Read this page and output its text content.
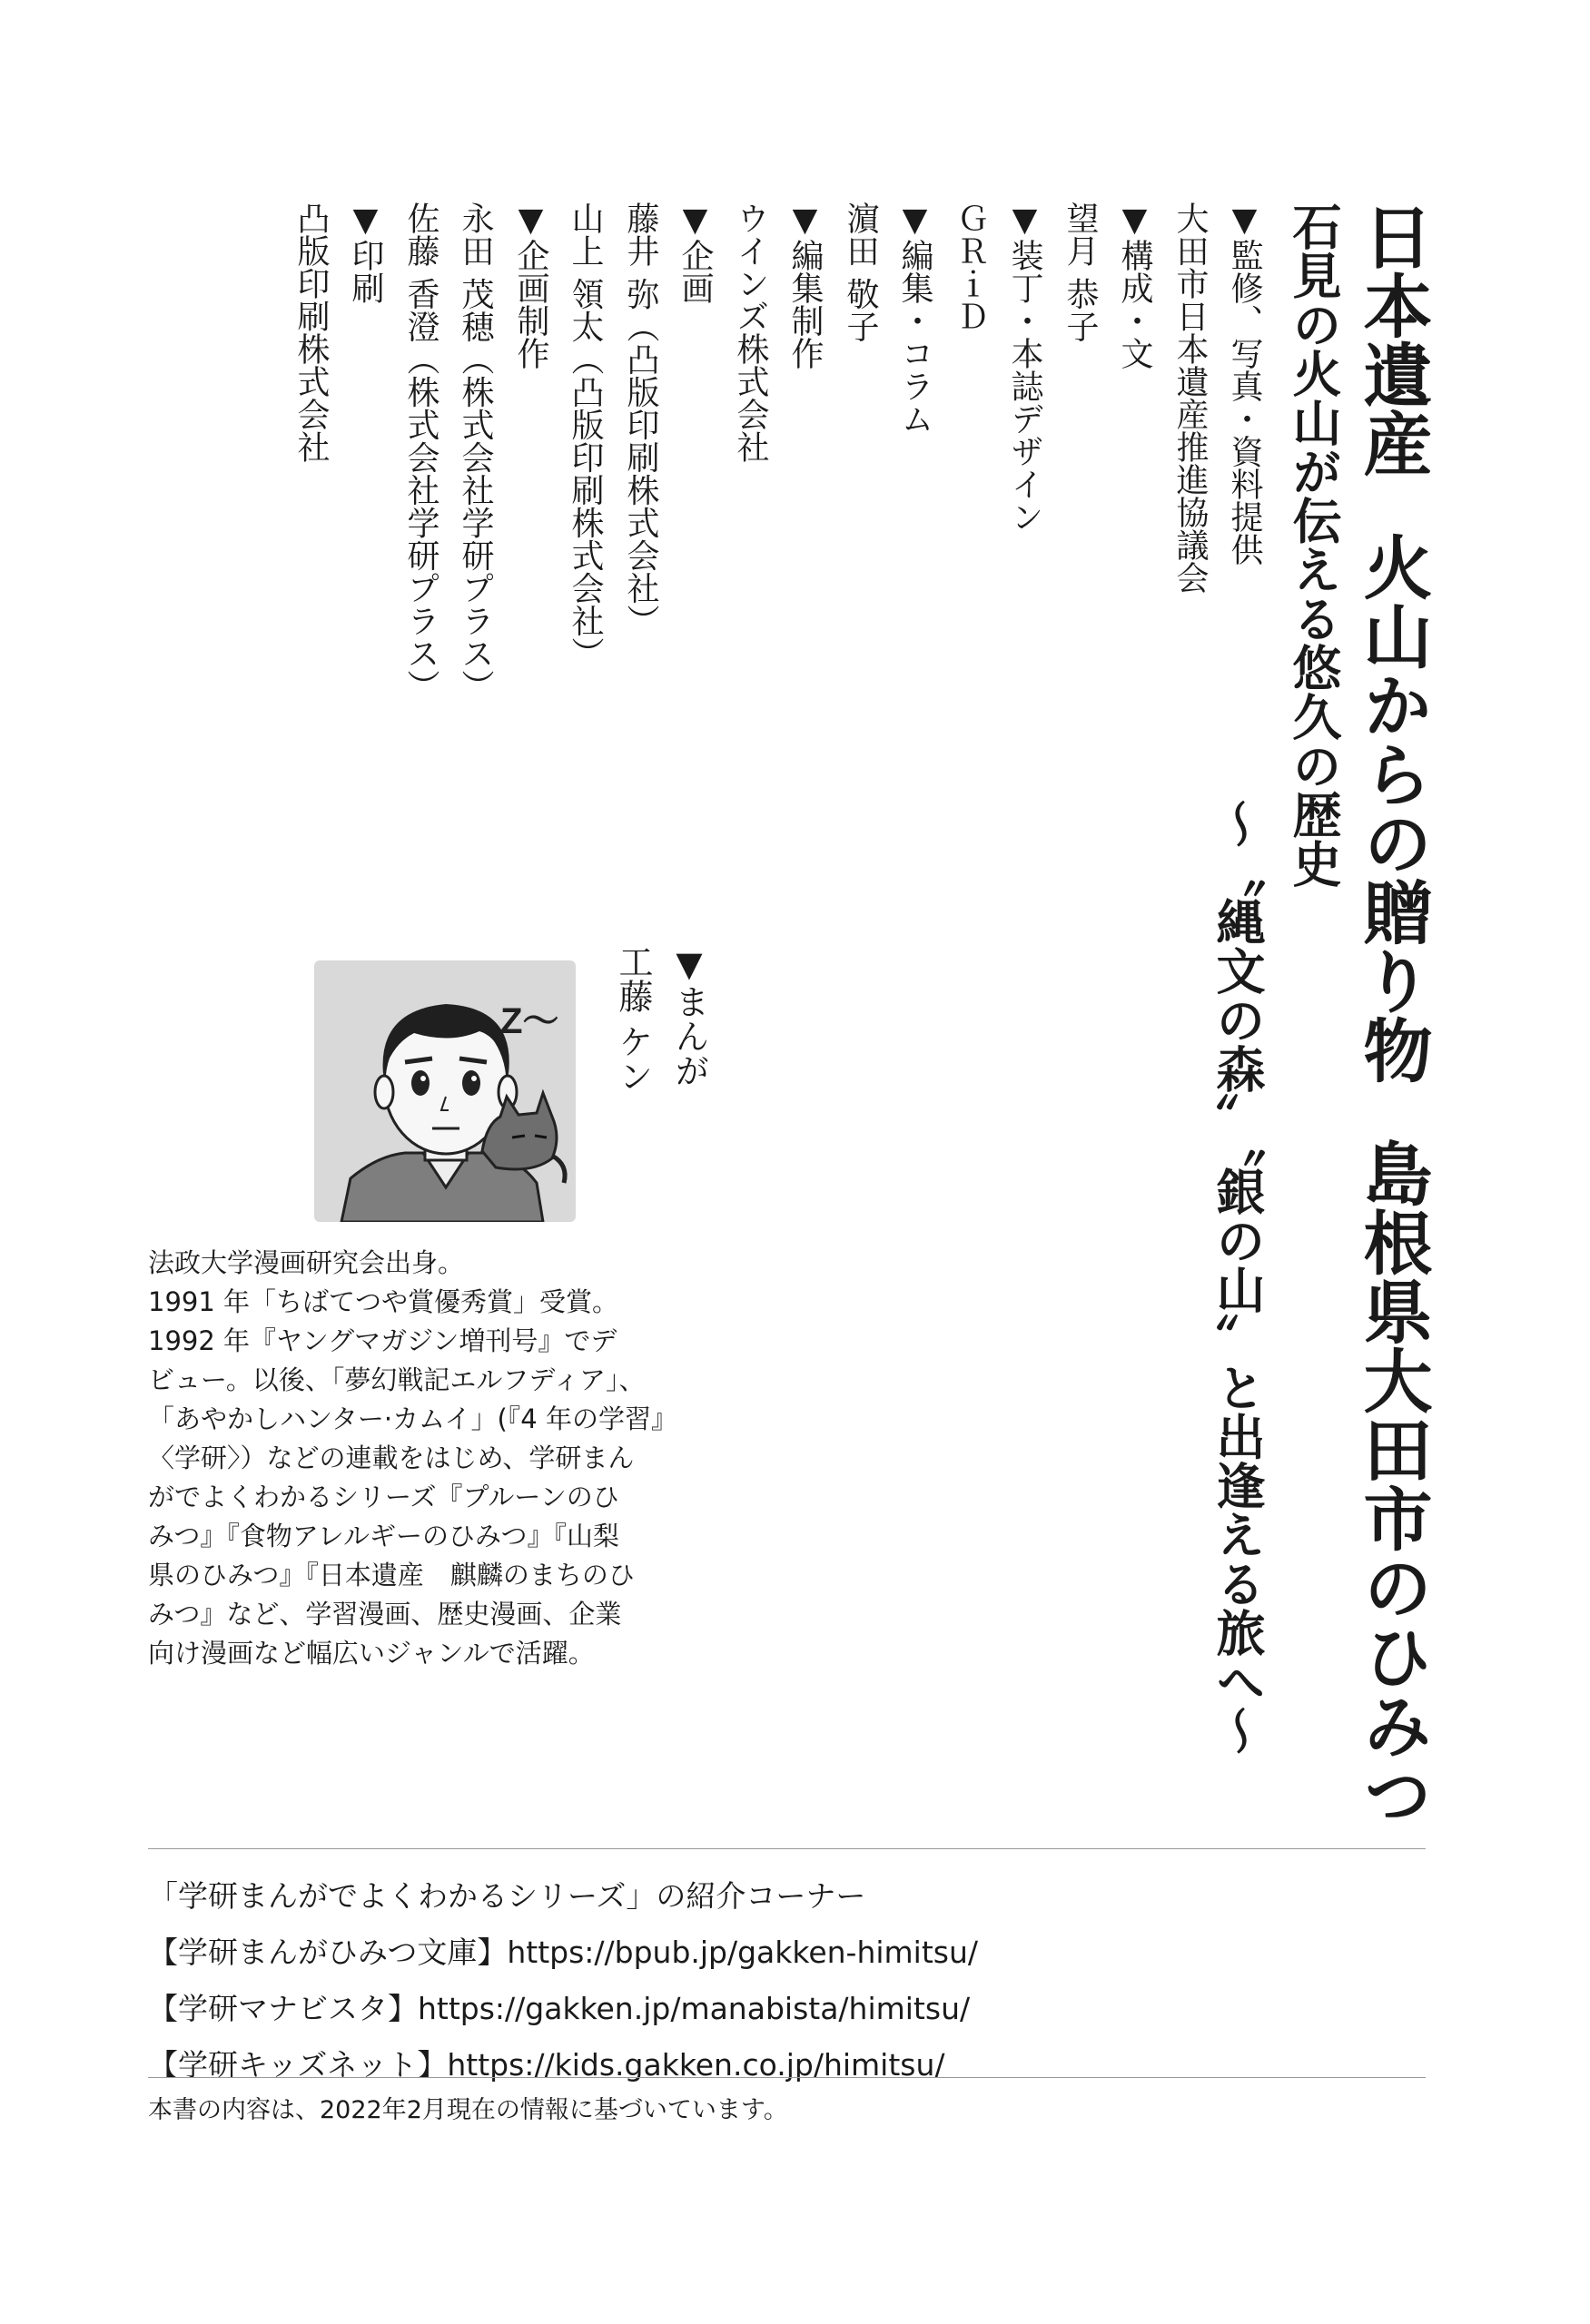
日本遺産火山からの贈り物島根県大田市のひみつ
石見の火山が伝える悠久の歴史
～〝縄文の森〟〝銀の山〟と出逢える旅へ～
▼監修、写真・資料提供
大田市日本遺産推進協議会
▼構成・文
望月 恭子
▼装丁・本誌デザイン
ＧＲｉＤ
▼編集・コラム
濵田 敬子
▼編集制作
ウインズ株式会社
▼企画
藤井 弥（凸版印刷株式会社）
山上 領太（凸版印刷株式会社）
▼企画制作
永田 茂穂（株式会社学研プラス）
佐藤 香澄（株式会社学研プラス）
▼印刷
凸版印刷株式会社
▼まんが
工藤 ケン
Z～

法政大学漫画研究会出身。

1991 年「ちばてつや賞優秀賞」受賞。

1992 年『ヤングマガジン増刊号』でデ

ビュー。以後、「夢幻戦記エルフディア」、

「あやかしハンター·カムイ」(『4 年の学習』

〈学研〉）などの連載をはじめ、学研まん

がでよくわかるシリーズ『プルーンのひ

みつ』『食物アレルギーのひみつ』『山梨

県のひみつ』『日本遺産　麒麟のまちのひ

みつ』など、学習漫画、歴史漫画、企業

向け漫画など幅広いジャンルで活躍。

「学研まんがでよくわかるシリーズ」の紹介コーナー
【学研まんがひみつ文庫】https://bpub.jp/gakken-himitsu/
【学研マナビスタ】https://gakken.jp/manabista/himitsu/
【学研キッズネット】https://kids.gakken.co.jp/himitsu/
本書の内容は、2022年2月現在の情報に基づいています。
